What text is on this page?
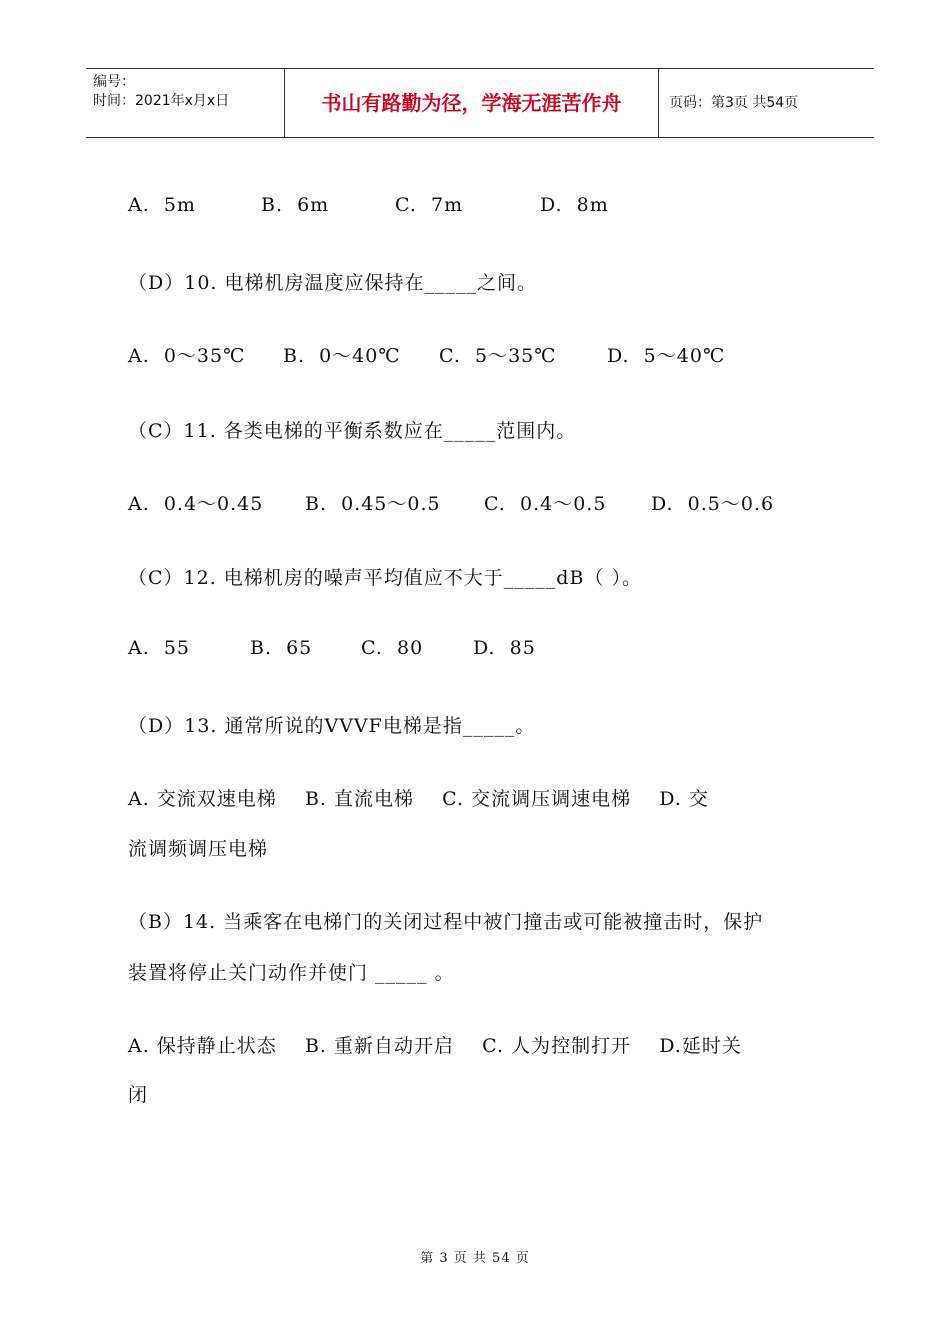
编号：
时间：2021年x月x日	书山有路勤为径，学海无涯苦作舟	页码：第3页 共54页

A.  5m

	B.  6m

	C.  7m

	D.  8m

（D）10. 电梯机房温度应保持在_____之间。

A.  0～35℃

B.  0～40℃

C.  5～35℃

	D.  5～40℃

（C）11. 各类电梯的平衡系数应在_____范围内。

A.  0.4～0.45

B.  0.45～0.5

C.  0.4～0.5

D.  0.5～0.6

（C）12. 电梯机房的噪声平均值应不大于_____dB（ ）。

A.  55

	B.  65

	C.  80

	D.  85

（D）13. 通常所说的VVVF电梯是指_____。
A. 交流双速电梯    B. 直流电梯    C. 交流调压调速电梯    D. 交
流调频调压电梯
（B）14. 当乘客在电梯门的关闭过程中被门撞击或可能被撞击时，保护
装置将停止关门动作并使门 _____ 。
A. 保持静止状态    B. 重新自动开启    C. 人为控制打开    D.延时关
闭
第 3 页 共 54 页
